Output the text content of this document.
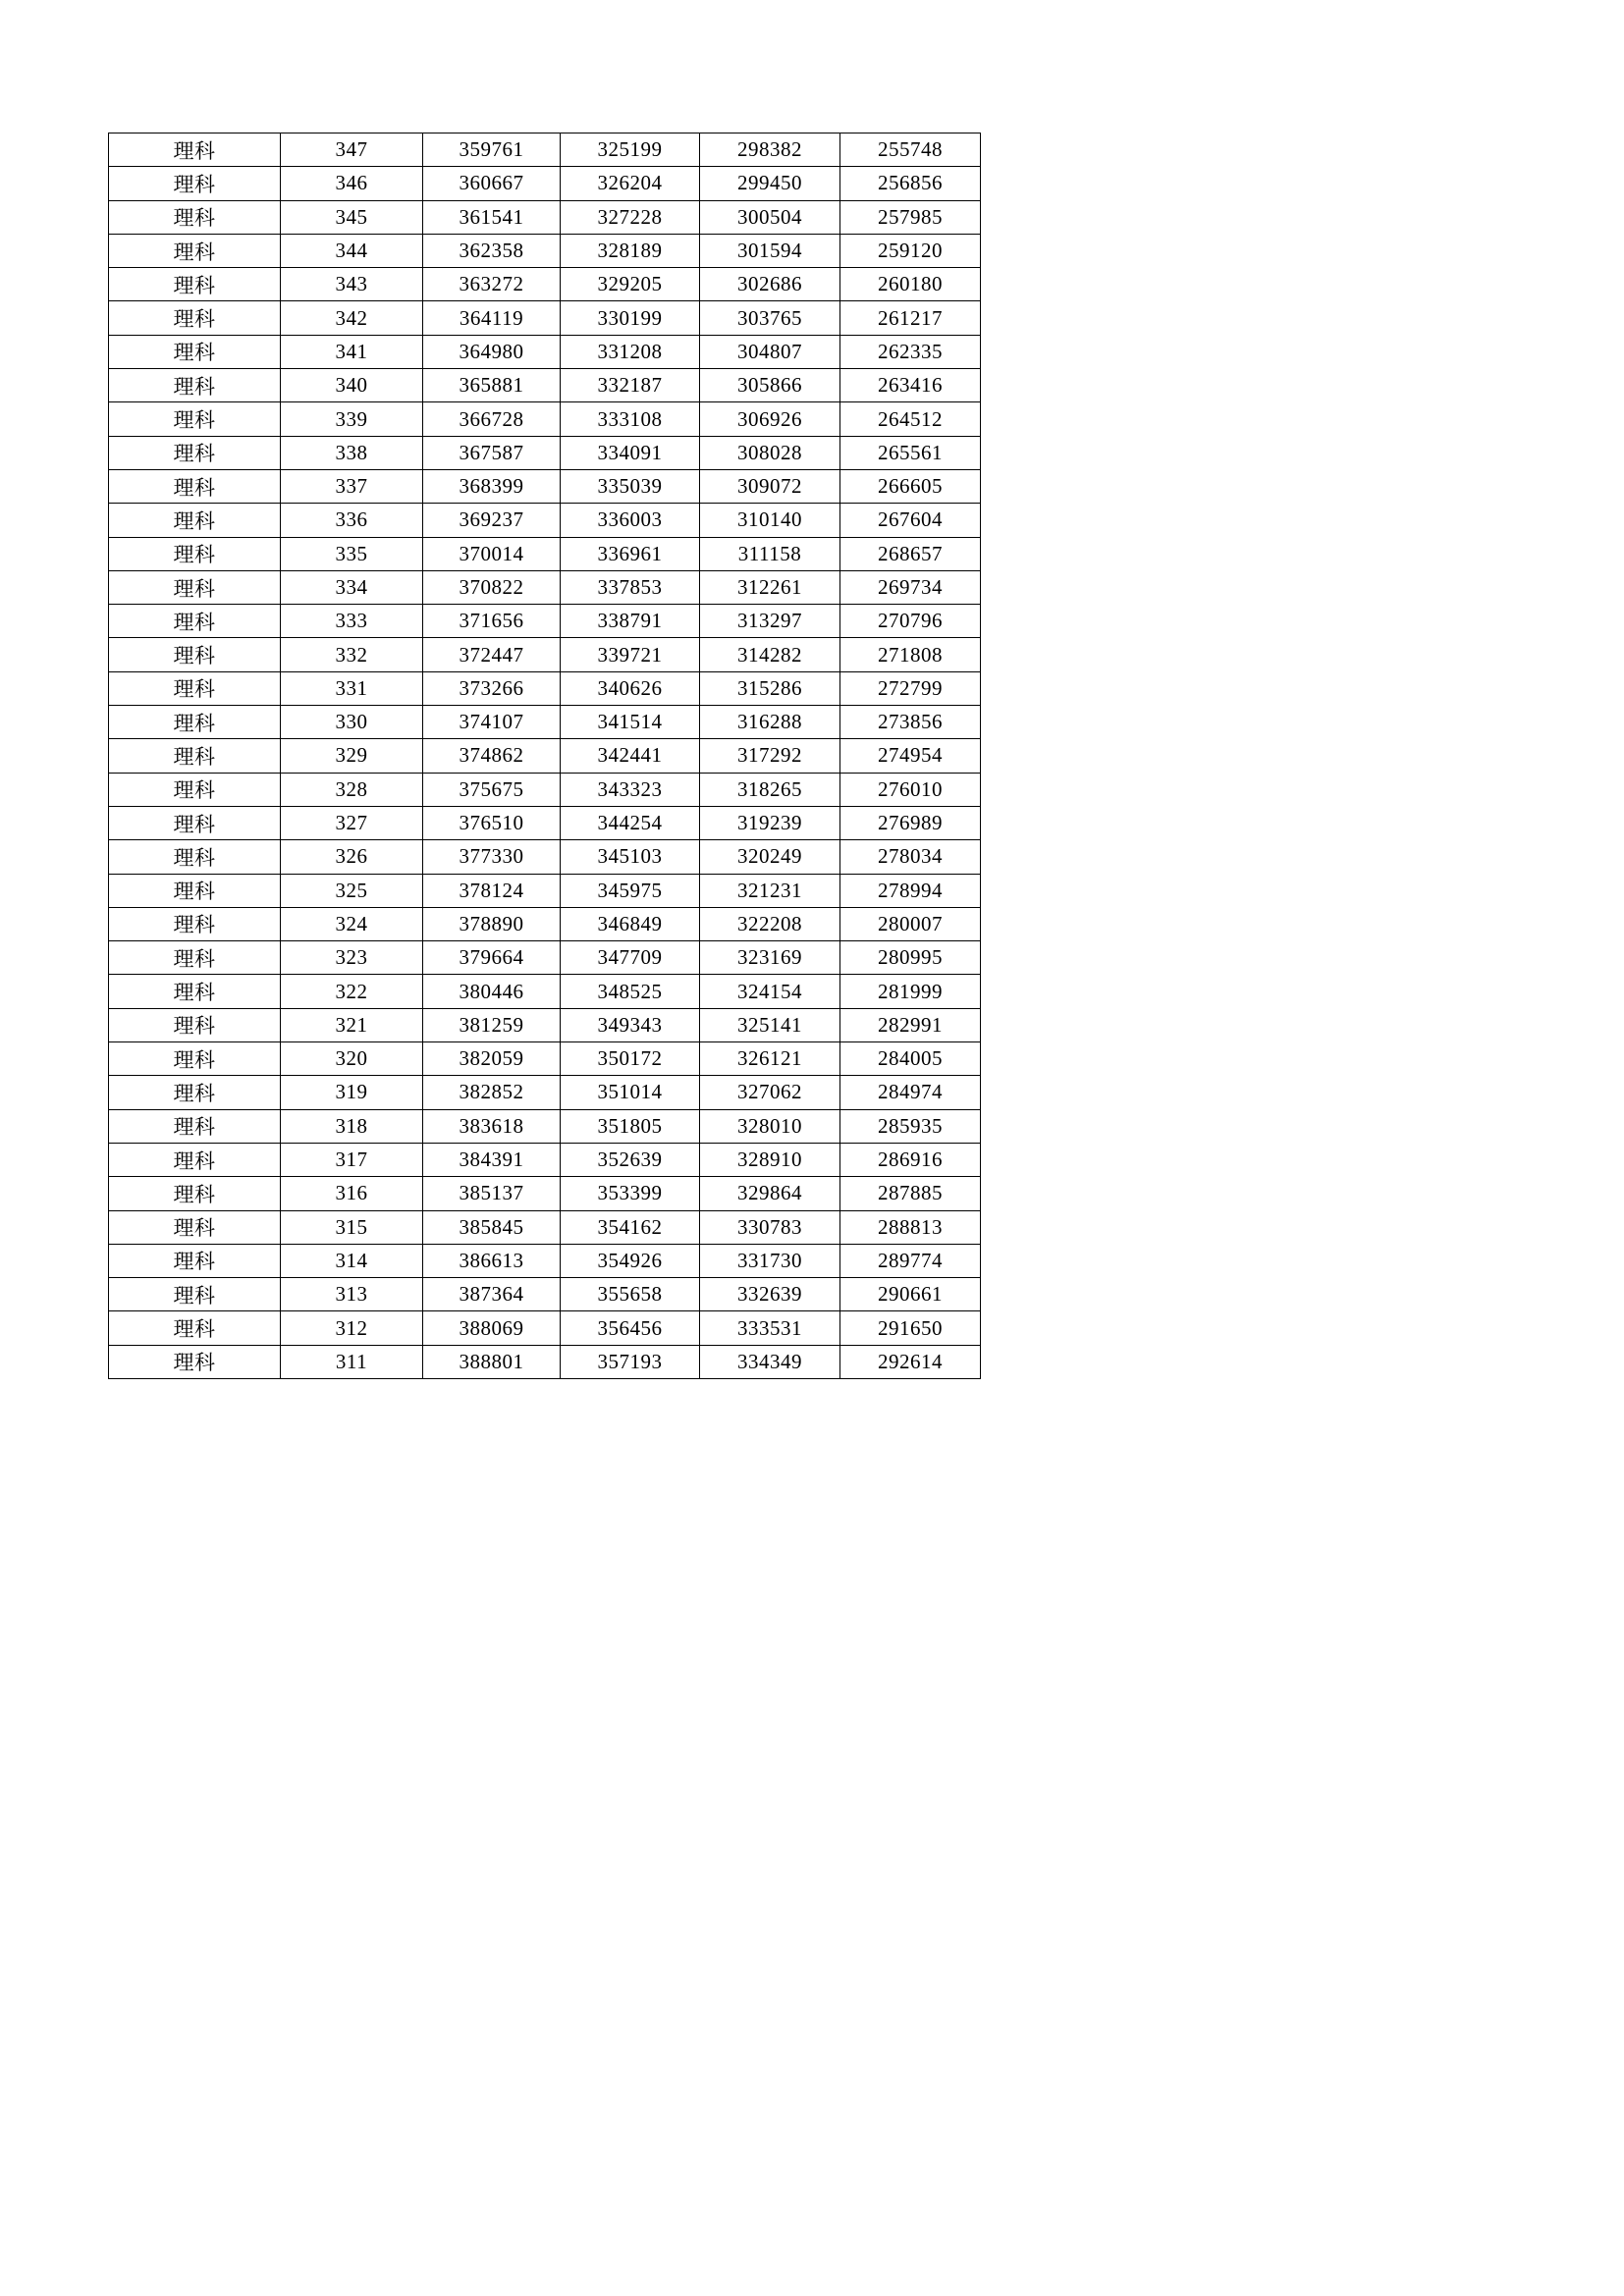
理科	347	359761	325199	298382	255748
理科	346	360667	326204	299450	256856
理科	345	361541	327228	300504	257985
理科	344	362358	328189	301594	259120
理科	343	363272	329205	302686	260180
理科	342	364119	330199	303765	261217
理科	341	364980	331208	304807	262335
理科	340	365881	332187	305866	263416
理科	339	366728	333108	306926	264512
理科	338	367587	334091	308028	265561
理科	337	368399	335039	309072	266605
理科	336	369237	336003	310140	267604
理科	335	370014	336961	311158	268657
理科	334	370822	337853	312261	269734
理科	333	371656	338791	313297	270796
理科	332	372447	339721	314282	271808
理科	331	373266	340626	315286	272799
理科	330	374107	341514	316288	273856
理科	329	374862	342441	317292	274954
理科	328	375675	343323	318265	276010
理科	327	376510	344254	319239	276989
理科	326	377330	345103	320249	278034
理科	325	378124	345975	321231	278994
理科	324	378890	346849	322208	280007
理科	323	379664	347709	323169	280995
理科	322	380446	348525	324154	281999
理科	321	381259	349343	325141	282991
理科	320	382059	350172	326121	284005
理科	319	382852	351014	327062	284974
理科	318	383618	351805	328010	285935
理科	317	384391	352639	328910	286916
理科	316	385137	353399	329864	287885
理科	315	385845	354162	330783	288813
理科	314	386613	354926	331730	289774
理科	313	387364	355658	332639	290661
理科	312	388069	356456	333531	291650
理科	311	388801	357193	334349	292614
